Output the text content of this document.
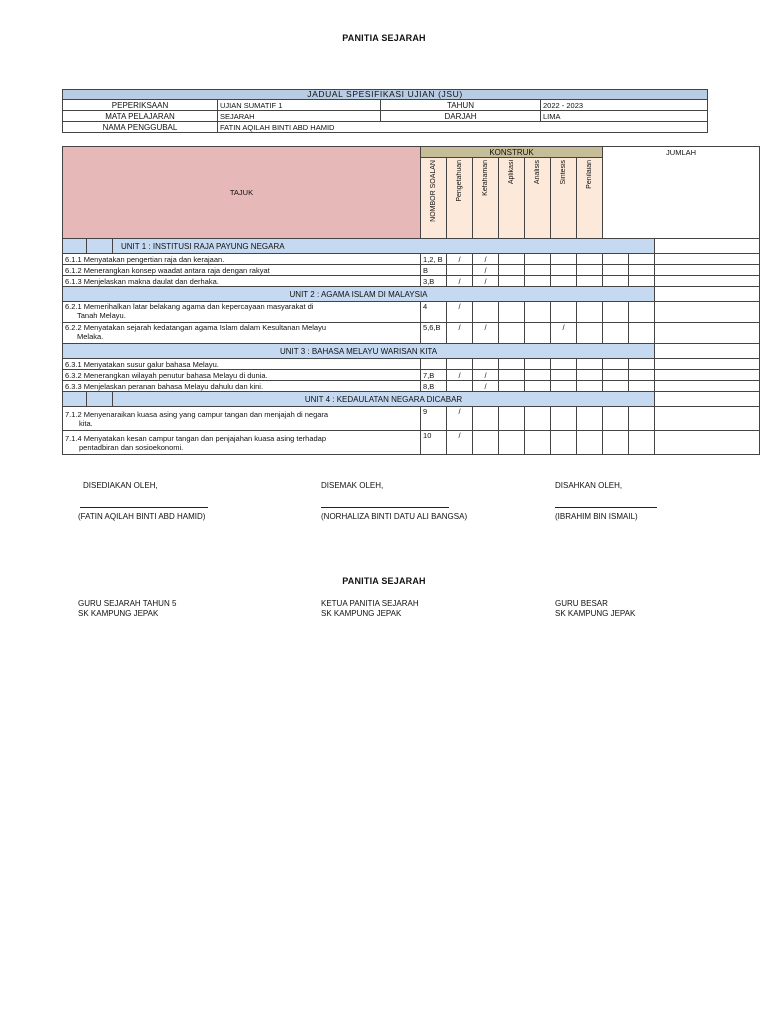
PANITIA SEJARAH
JADUAL SPESIFIKASI UJIAN (JSU)			
PEPERIKSAAN	UJIAN SUMATIF 1	TAHUN	2022 - 2023
MATA PELAJARAN	SEJARAH	DARJAH	LIMA
NAMA PENGGUBAL	FATIN AQILAH BINTI ABD HAMID		
TAJUK			KONSTRUK							JUMLAH		
			NOMBOR SOALAN	Pengetahuan	Kefahaman	Aplikasi	Analisis	Sintesis	Penilaian			
		UNIT 1 : INSTITUSI RAJA PAYUNG NEGARA										
6.1.1 Menyatakan pengertian raja dan kerajaan.			1,2, B	/	/							
6.1.2 Menerangkan konsep waadat antara raja dengan rakyat			B		/							
6.1.3 Menjelaskan makna daulat dan derhaka.			3,B	/	/							
UNIT 2 : AGAMA ISLAM DI MALAYSIA												

6.2.1 Memerihalkan latar belakang agama dan kepercayaan masyarakat di
Tanah Melayu.			4	/								

6.2.2 Menyatakan sejarah kedatangan agama Islam dalam Kesultanan Melayu
Melaka.			5,6,B	/	/			/				
UNIT 3 : BAHASA MELAYU WARISAN KITA												
6.3.1 Menyatakan susur galur bahasa Melayu.												
6.3.2 Menerangkan wilayah penutur bahasa Melayu di dunia.			7,B	/	/							
6.3.3 Menjelaskan peranan bahasa Melayu dahulu dan kini.			8,B		/							
		UNIT 4 : KEDAULATAN NEGARA DICABAR										

7.1.2 Menyenaraikan kuasa asing yang campur tangan dan menjajah di negara
kita.			9	/								

7.1.4 Menyatakan kesan campur tangan dan penjajahan kuasa asing terhadap
pentadbiran dan sosioekonomi.			10	/								
DISEDIAKAN OLEH,	DISEMAK OLEH,	DISAHKAN OLEH,
(FATIN AQILAH BINTI ABD HAMID)	(NORHALIZA BINTI DATU ALI BANGSA)	(IBRAHIM BIN ISMAIL)
PANITIA SEJARAH
GURU SEJARAH TAHUN 5
SK KAMPUNG JEPAK
KETUA PANITIA SEJARAH
SK KAMPUNG JEPAK
GURU BESAR
SK KAMPUNG JEPAK
